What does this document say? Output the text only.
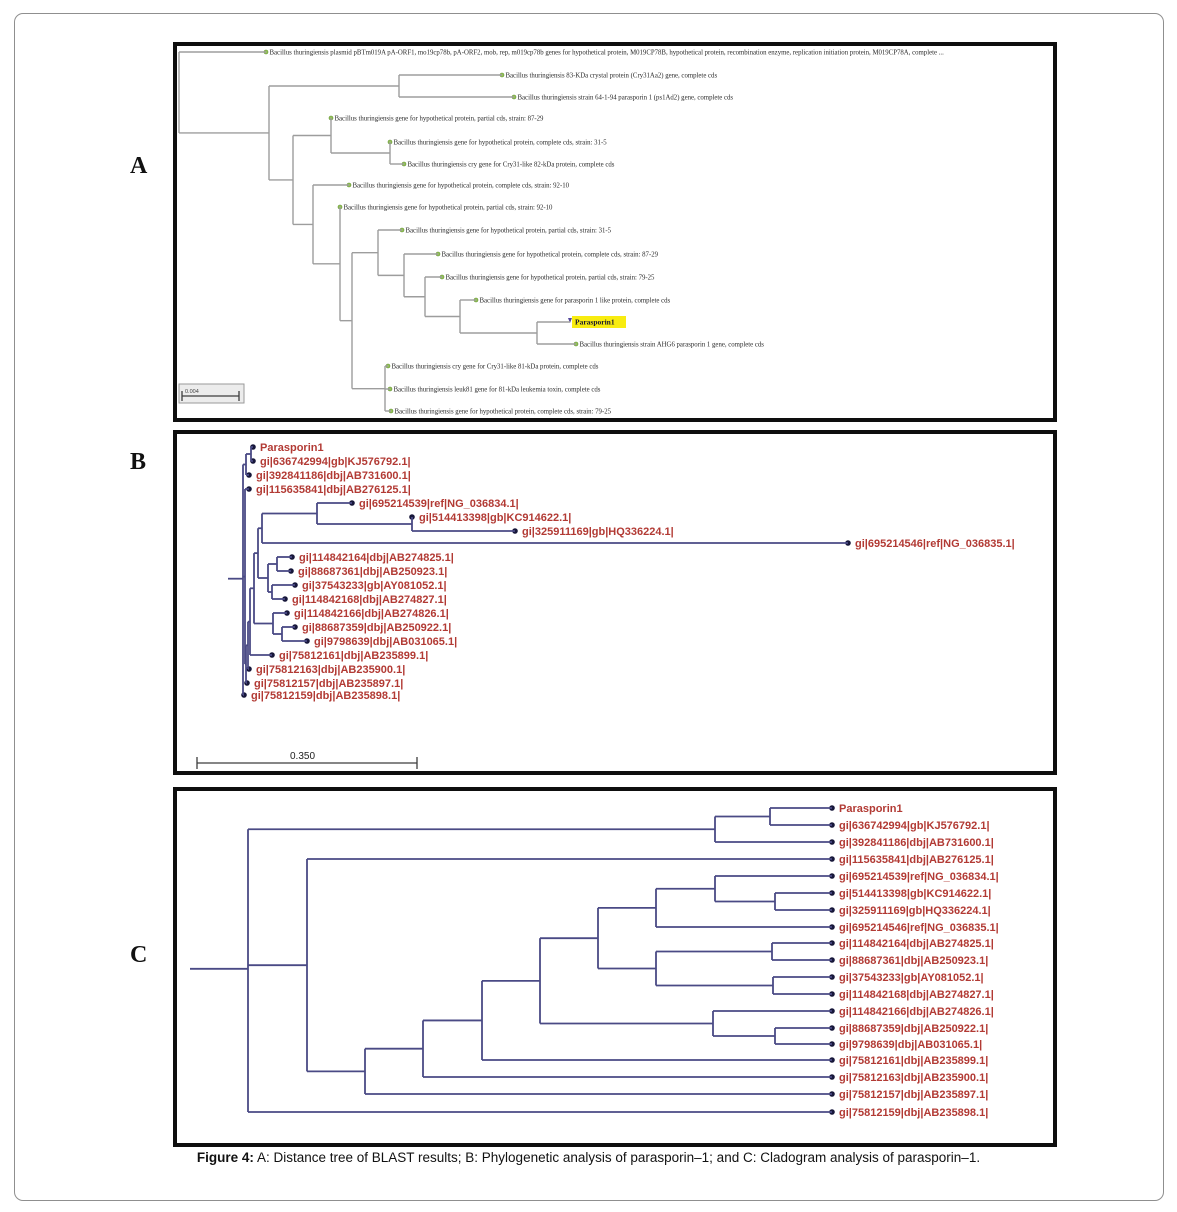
A
B
C
Bacillus thuringiensis plasmid pBTm019A pA-ORF1, mo19cp78b, pA-ORF2, mob, rep, m019cp78b genes for hypothetical protein, M019CP78B, hypothetical protein, recombination enzyme, replication initiation protein, M019CP78A, complete ...
Bacillus thuringiensis 83-KDa crystal protein (Cry31Aa2) gene, complete cds
Bacillus thuringiensis strain 64-1-94 parasporin 1 (ps1Ad2) gene, complete cds
Bacillus thuringiensis gene for hypothetical protein, partial cds, strain: 87-29
Bacillus thuringiensis gene for hypothetical protein, complete cds, strain: 31-5
Bacillus thuringiensis cry gene for Cry31-like 82-kDa protein, complete cds
Bacillus thuringiensis gene for hypothetical protein, complete cds, strain: 92-10
Bacillus thuringiensis gene for hypothetical protein, partial cds, strain: 92-10
Bacillus thuringiensis gene for hypothetical protein, partial cds, strain: 31-5
Bacillus thuringiensis gene for hypothetical protein, complete cds, strain: 87-29
Bacillus thuringiensis gene for hypothetical protein, partial cds, strain: 79-25
Bacillus thuringiensis gene for parasporin 1 like protein, complete cds
Parasporin1
Bacillus thuringiensis strain AHG6 parasporin 1 gene, complete cds
Bacillus thuringiensis cry gene for Cry31-like 81-kDa protein, complete cds
Bacillus thuringiensis leuk81 gene for 81-kDa leukemia toxin, complete cds
Bacillus thuringiensis gene for hypothetical protein, complete cds, strain: 79-25
0.004
Parasporin1
gi|636742994|gb|KJ576792.1|
gi|392841186|dbj|AB731600.1|
gi|115635841|dbj|AB276125.1|
gi|695214539|ref|NG_036834.1|
gi|514413398|gb|KC914622.1|
gi|325911169|gb|HQ336224.1|
gi|695214546|ref|NG_036835.1|
gi|114842164|dbj|AB274825.1|
gi|88687361|dbj|AB250923.1|
gi|37543233|gb|AY081052.1|
gi|114842168|dbj|AB274827.1|
gi|114842166|dbj|AB274826.1|
gi|88687359|dbj|AB250922.1|
gi|9798639|dbj|AB031065.1|
gi|75812161|dbj|AB235899.1|
gi|75812163|dbj|AB235900.1|
gi|75812157|dbj|AB235897.1|
gi|75812159|dbj|AB235898.1|
0.350
Parasporin1
gi|636742994|gb|KJ576792.1|
gi|392841186|dbj|AB731600.1|
gi|115635841|dbj|AB276125.1|
gi|695214539|ref|NG_036834.1|
gi|514413398|gb|KC914622.1|
gi|325911169|gb|HQ336224.1|
gi|695214546|ref|NG_036835.1|
gi|114842164|dbj|AB274825.1|
gi|88687361|dbj|AB250923.1|
gi|37543233|gb|AY081052.1|
gi|114842168|dbj|AB274827.1|
gi|114842166|dbj|AB274826.1|
gi|88687359|dbj|AB250922.1|
gi|9798639|dbj|AB031065.1|
gi|75812161|dbj|AB235899.1|
gi|75812163|dbj|AB235900.1|
gi|75812157|dbj|AB235897.1|
gi|75812159|dbj|AB235898.1|
Figure 4: A: Distance tree of BLAST results; B: Phylogenetic analysis of parasporin–1; and C: Cladogram analysis of parasporin–1.
